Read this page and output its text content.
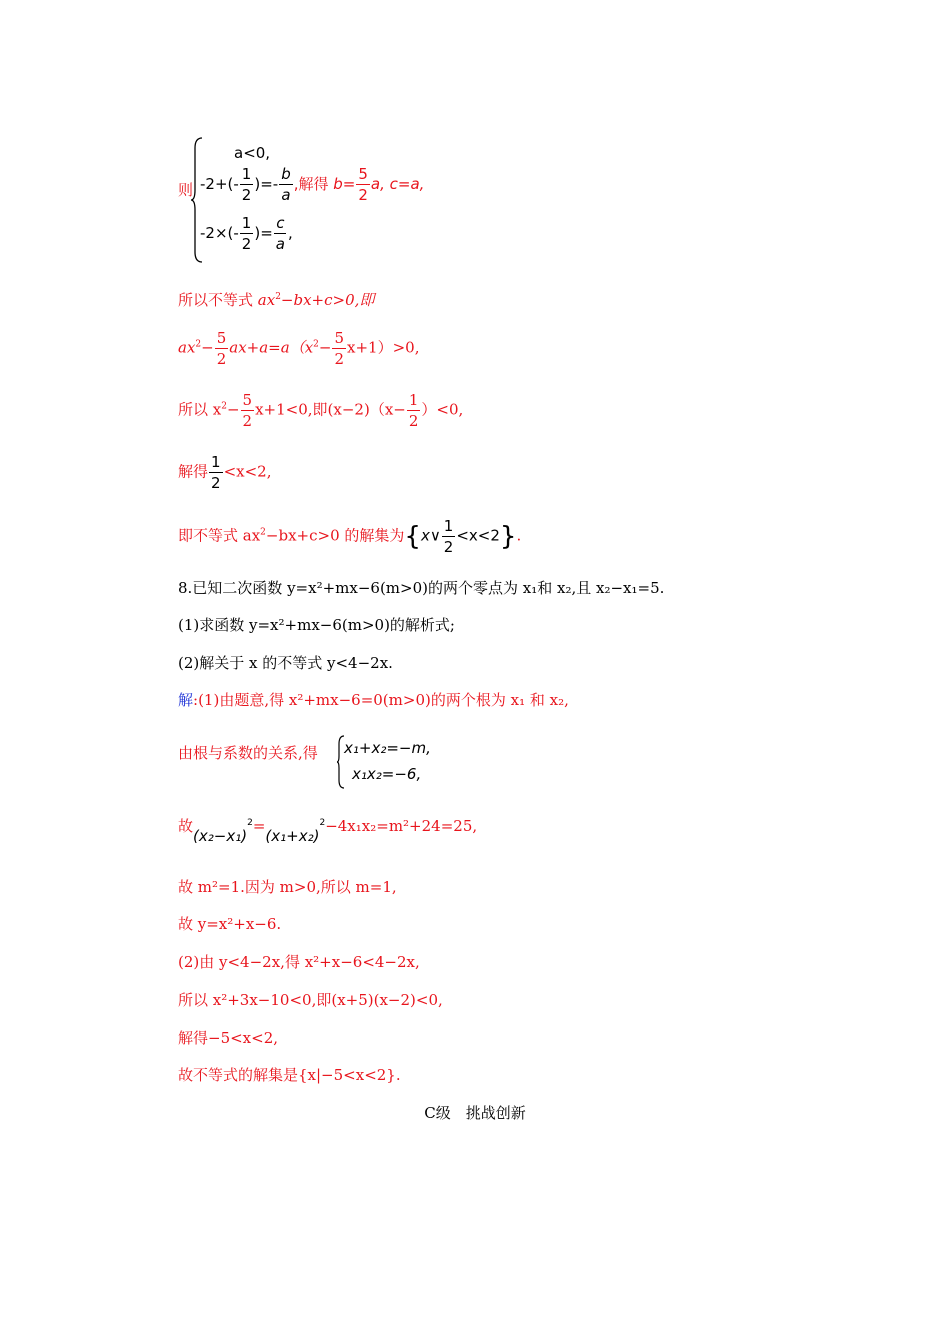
则
a<0,
$-2+(- \frac{1}{2}$ )=- $\frac{b}{a}$ ,解得 $b= \frac{5}{2} a$, c=a,
$-2\times(- \frac{1}{2}$ )= $\frac{c}{a}$ ,
所以不等式 $ax^2-bx+c>0$,即
$ax^2- \frac{5}{2} ax+a=a(x^2- \frac{5}{2} x+1)>0$,
所以 $x^2- \frac{5}{2} x+1<0$,即$(x-2)(x- \frac{1}{2} )<0$,
解得 $\frac{1}{2} <x<2$,
即不等式 $ax^2-bx+c>0$ 的解集为{x∨ $\frac{1}{2} <x<2$}.
8.已知二次函数 y=x²+mx−6(m>0)的两个零点为 x₁和 x₂,且 x₂−x₁=5.
(1)求函数 y=x²+mx−6(m>0)的解析式;
(2)解关于 x 的不等式 y<4−2x.
解:(1)由题意,得 x²+mx−6=0(m>0)的两个根为 x₁ 和 x₂,
由根与系数的关系,得 x₁+x₂=−m,
x₁x₂=−6,
故$(x_2-x_1)^2=(x_1+x_2)^2-4x_1x_2=m^2+24=25$,
故 m²=1.因为 m>0,所以 m=1,
故 y=x²+x−6.
(2)由 y<4−2x,得 x²+x−6<4−2x,
所以 x²+3x−10<0,即(x+5)(x−2)<0,
解得−5<x<2,
故不等式的解集是{x|−5<x<2}.
C级　挑战创新
